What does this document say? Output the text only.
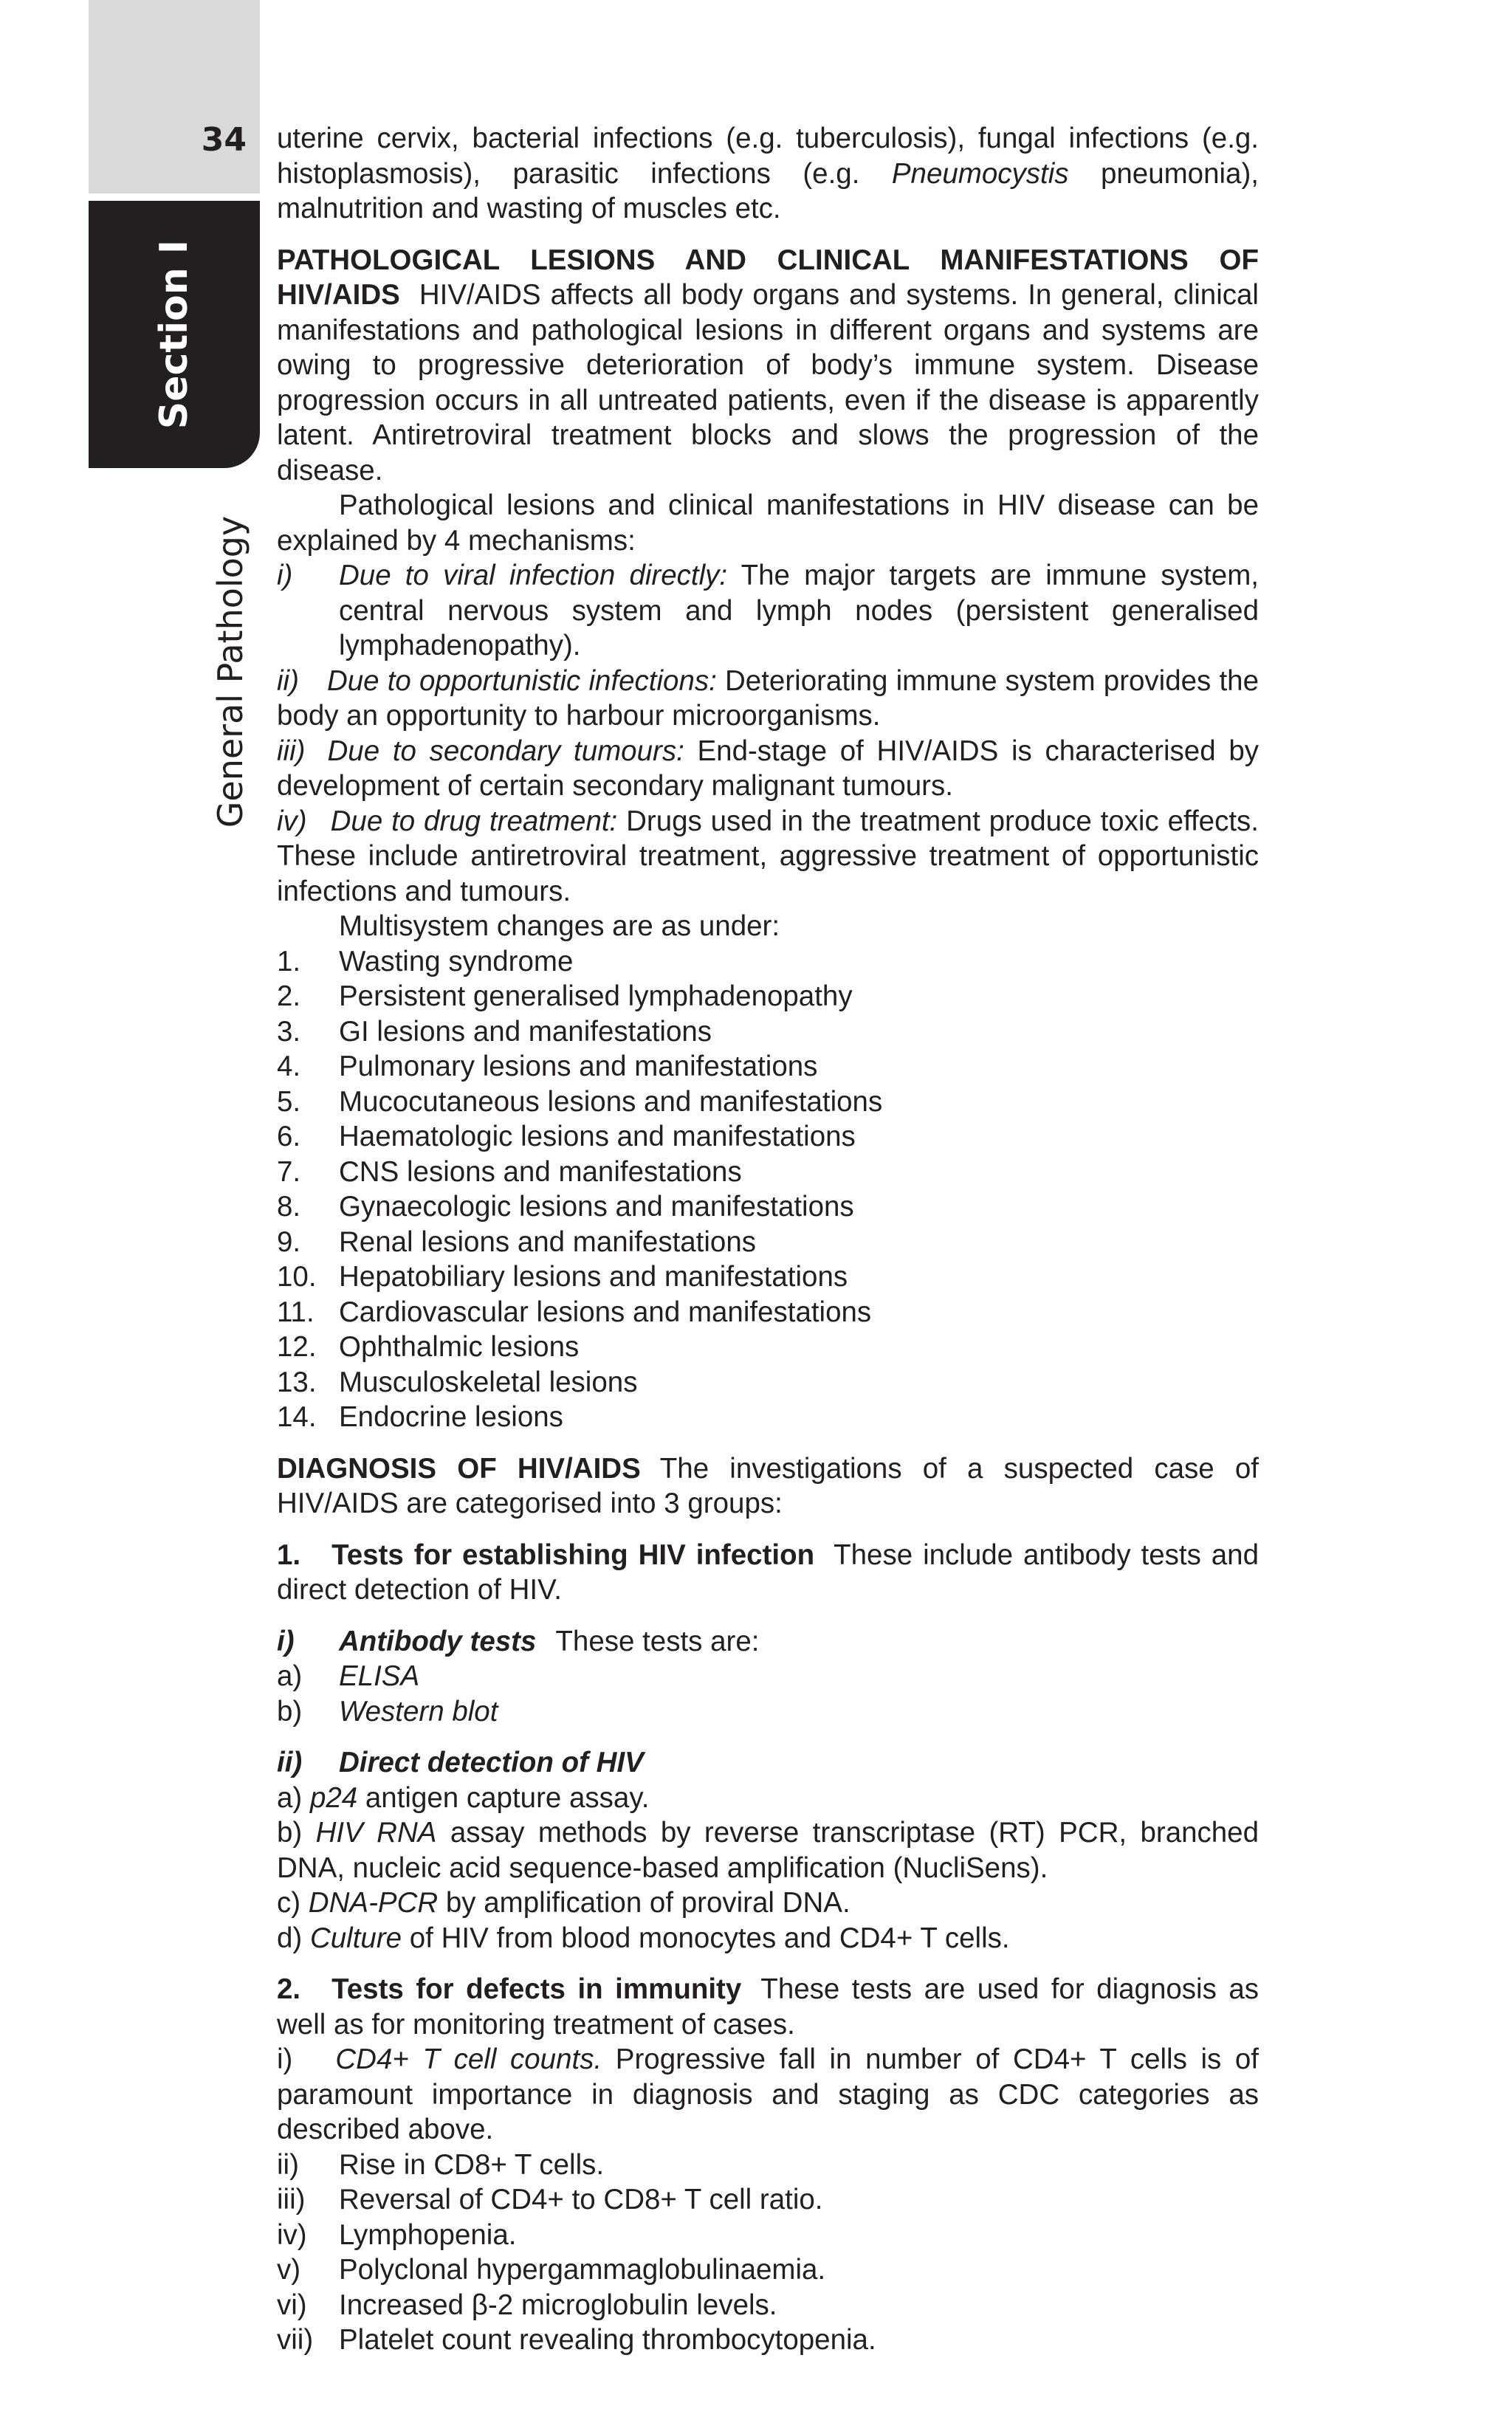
34
Section I
General Pathology

uterine cervix, bacterial infections (e.g. tuberculosis), fungal infections (e.g. histoplasmosis), parasitic infections (e.g. Pneumocystis pneumonia), malnutrition and wasting of muscles etc.

PATHOLOGICAL LESIONS AND CLINICAL MANIFESTATIONS OF HIV/AIDS HIV/AIDS affects all body organs and systems. In general, clinical manifestations and pathological lesions in different organs and systems are owing to progressive deterioration of body’s immune system. Disease progression occurs in all untreated patients, even if the disease is apparently latent. Antiretroviral treatment blocks and slows the progression of the disease.

Pathological lesions and clinical manifestations in HIV disease can be explained by 4 mechanisms:

i)	Due to viral infection directly: The major targets are immune system, central nervous system and lymph nodes (persistent generalised lymphadenopathy).

ii) Due to opportunistic infections: Deteriorating immune system provides the body an opportunity to harbour microorganisms.

iii) Due to secondary tumours: End-stage of HIV/AIDS is characterised by development of certain secondary malignant tumours.

iv) Due to drug treatment: Drugs used in the treatment produce toxic effects. These include antiretroviral treatment, aggressive treatment of opportunistic infections and tumours.

Multisystem changes are as under:

1.	Wasting syndrome
2.	Persistent generalised lymphadenopathy
3.	GI lesions and manifestations
4.	Pulmonary lesions and manifestations
5.	Mucocutaneous lesions and manifestations
6.	Haematologic lesions and manifestations
7.	CNS lesions and manifestations
8.	Gynaecologic lesions and manifestations
9.	Renal lesions and manifestations
10. Hepatobiliary lesions and manifestations
11. Cardiovascular lesions and manifestations
12. Ophthalmic lesions
13. Musculoskeletal lesions
14. Endocrine lesions

DIAGNOSIS OF HIV/AIDS The investigations of a suspected case of HIV/AIDS are categorised into 3 groups:

1. Tests for establishing HIV infection These include antibody tests and direct detection of HIV.

i)	Antibody tests These tests are:
a)	ELISA
b)	Western blot
ii)	Direct detection of HIV

a) p24 antigen capture assay.

b) HIV RNA assay methods by reverse transcriptase (RT) PCR, branched DNA, nucleic acid sequence-based amplification (NucliSens).

c) DNA-PCR by amplification of proviral DNA.

d) Culture of HIV from blood monocytes and CD4+ T cells.

2. Tests for defects in immunity These tests are used for diagnosis as well as for monitoring treatment of cases.

i) CD4+ T cell counts. Progressive fall in number of CD4+ T cells is of paramount importance in diagnosis and staging as CDC categories as described above.

ii)	Rise in CD8+ T cells.
iii)	Reversal of CD4+ to CD8+ T cell ratio.
iv)	Lymphopenia.
v)	Polyclonal hypergammaglobulinaemia.
vi)	Increased β-2 microglobulin levels.
vii) Platelet count revealing thrombocytopenia.
